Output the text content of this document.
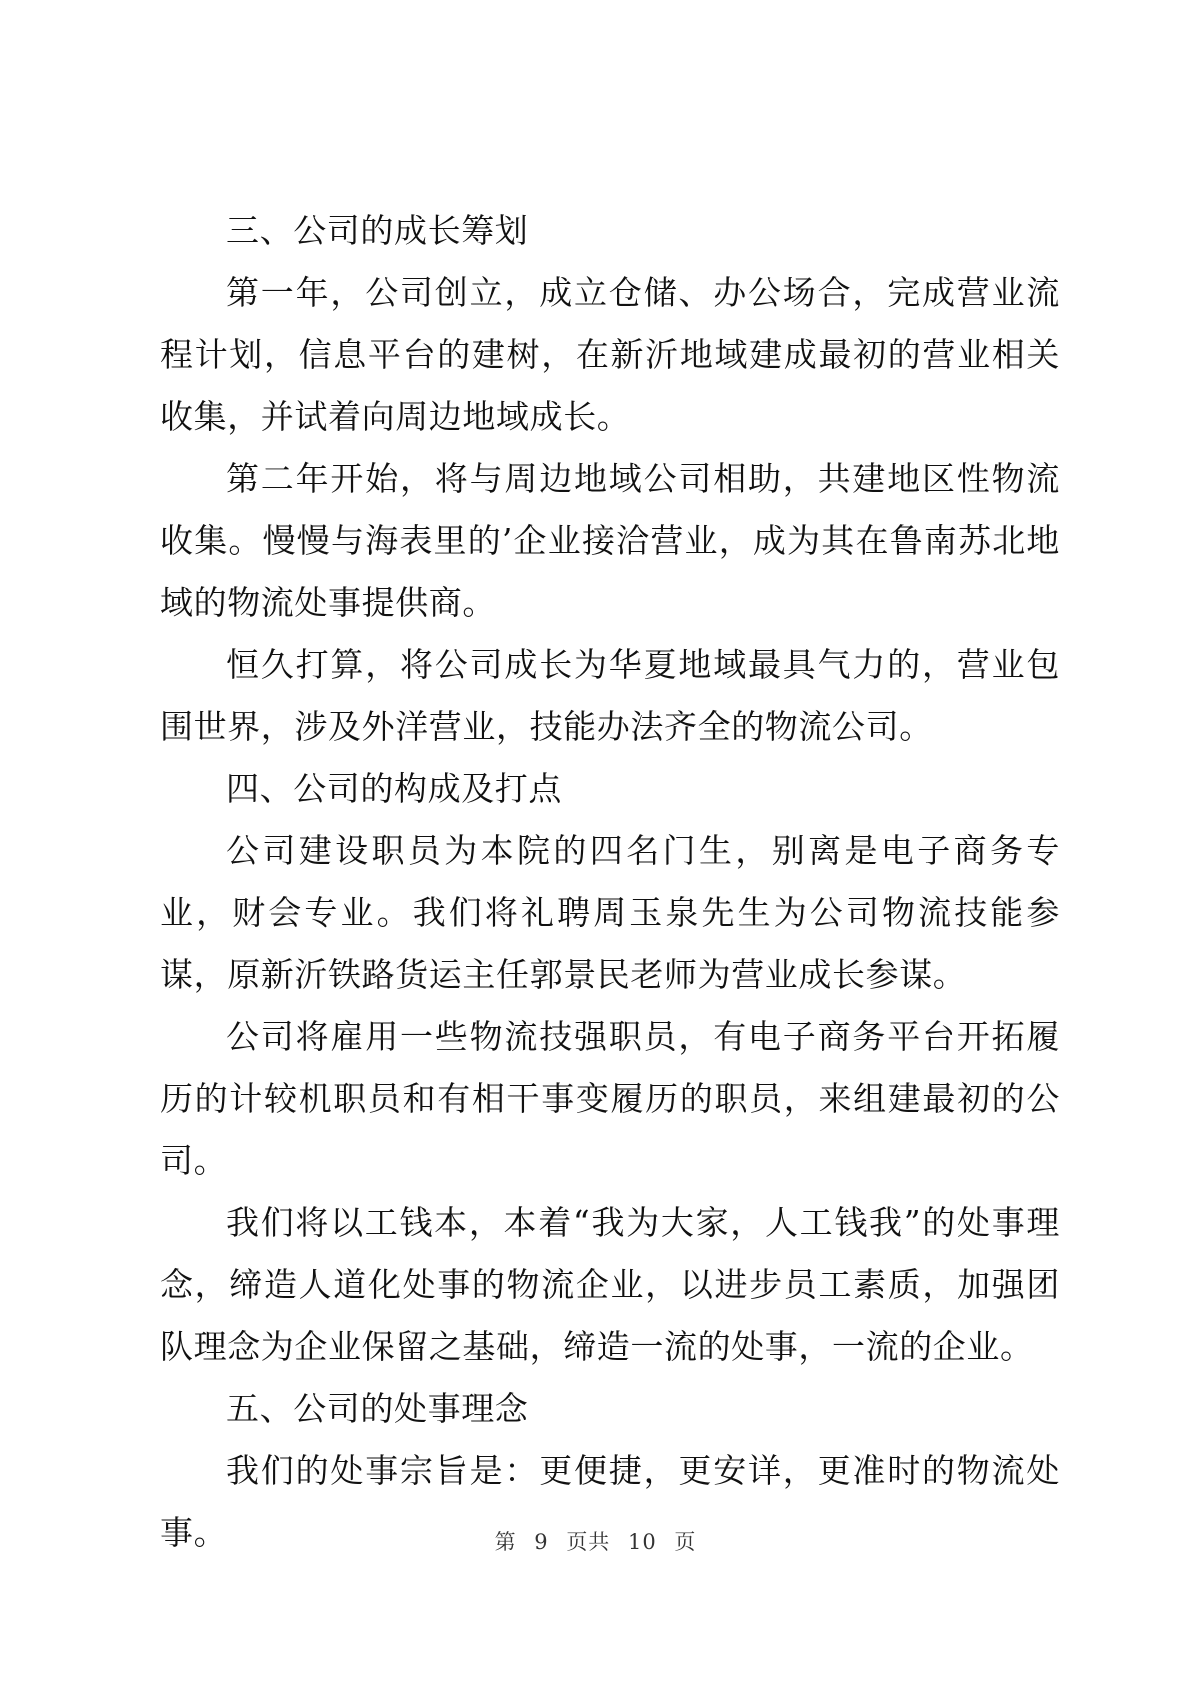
三、公司的成长筹划

第一年，公司创立，成立仓储、办公场合，完成营业流程计划，信息平台的建树，在新沂地域建成最初的营业相关收集，并试着向周边地域成长。

第二年开始，将与周边地域公司相助，共建地区性物流收集。慢慢与海表里的’企业接洽营业，成为其在鲁南苏北地域的物流处事提供商。

恒久打算，将公司成长为华夏地域最具气力的，营业包围世界，涉及外洋营业，技能办法齐全的物流公司。

四、公司的构成及打点

公司建设职员为本院的四名门生，别离是电子商务专业，财会专业。我们将礼聘周玉泉先生为公司物流技能参谋，原新沂铁路货运主任郭景民老师为营业成长参谋。

公司将雇用一些物流技强职员，有电子商务平台开拓履历的计较机职员和有相干事变履历的职员，来组建最初的公司。

我们将以工钱本，本着“我为大家，人工钱我”的处事理念，缔造人道化处事的物流企业，以进步员工素质，加强团队理念为企业保留之基础，缔造一流的处事，一流的企业。

五、公司的处事理念

我们的处事宗旨是：更便捷，更安详，更准时的物流处事。	第 9 页共 10 页
